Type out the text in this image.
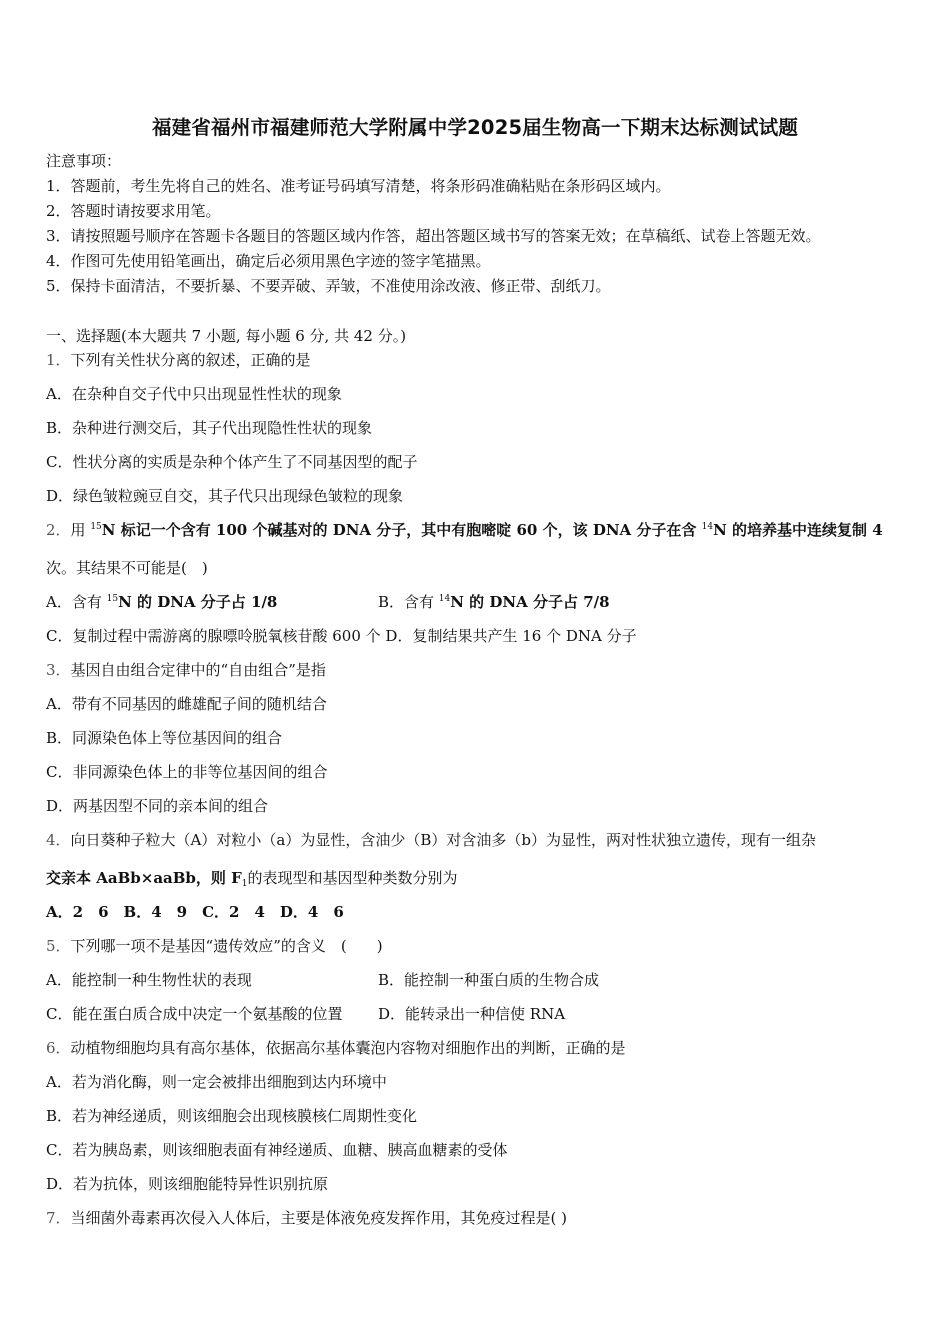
福建省福州市福建师范大学附属中学2025届生物高一下期末达标测试试题
注意事项：
1．答题前，考生先将自己的姓名、准考证号码填写清楚，将条形码准确粘贴在条形码区域内。
2．答题时请按要求用笔。
3．请按照题号顺序在答题卡各题目的答题区域内作答，超出答题区域书写的答案无效；在草稿纸、试卷上答题无效。
4．作图可先使用铅笔画出，确定后必须用黑色字迹的签字笔描黑。
5．保持卡面清洁，不要折暴、不要弄破、弄皱，不准使用涂改液、修正带、刮纸刀。
一、选择题(本大题共 7 小题, 每小题 6 分, 共 42 分。)
1．下列有关性状分离的叙述，正确的是
A．在杂种自交子代中只出现显性性状的现象
B．杂种进行测交后，其子代出现隐性性状的现象
C．性状分离的实质是杂种个体产生了不同基因型的配子
D．绿色皱粒豌豆自交，其子代只出现绿色皱粒的现象
2．用 $^{15}$N 标记一个含有 100 个碱基对的 DNA 分子，其中有胞嘧啶 60 个，该 DNA 分子在含 $^{14}$N 的培养基中连续复制 4
次。其结果不可能是(　)
A．含有 $^{15}$N 的 DNA 分子占 1/8	B．含有 $^{14}$N 的 DNA 分子占 7/8
C．复制过程中需游离的腺嘌呤脱氧核苷酸 600 个 D．复制结果共产生 16 个 DNA 分子
3．基因自由组合定律中的“自由组合”是指
A．带有不同基因的雌雄配子间的随机结合
B．同源染色体上等位基因间的组合
C．非同源染色体上的非等位基因间的组合
D．两基因型不同的亲本间的组合
4．向日葵种子粒大（A）对粒小（a）为显性，含油少（B）对含油多（b）为显性，两对性状独立遗传，现有一组杂
交亲本 AaBb×aaBb，则 $F_1$的表现型和基因型种类数分别为
A．2　6　B．4　9　C．2　4　D．4　6
5．下列哪一项不是基因“遗传效应”的含义　(　　)
A．能控制一种生物性状的表现	B．能控制一种蛋白质的生物合成
C．能在蛋白质合成中决定一个氨基酸的位置 D．能转录出一种信使 RNA
6．动植物细胞均具有高尔基体，依据高尔基体囊泡内容物对细胞作出的判断，正确的是
A．若为消化酶，则一定会被排出细胞到达内环境中
B．若为神经递质，则该细胞会出现核膜核仁周期性变化
C．若为胰岛素，则该细胞表面有神经递质、血糖、胰高血糖素的受体
D．若为抗体，则该细胞能特异性识别抗原
7．当细菌外毒素再次侵入人体后，主要是体液免疫发挥作用，其免疫过程是( )
